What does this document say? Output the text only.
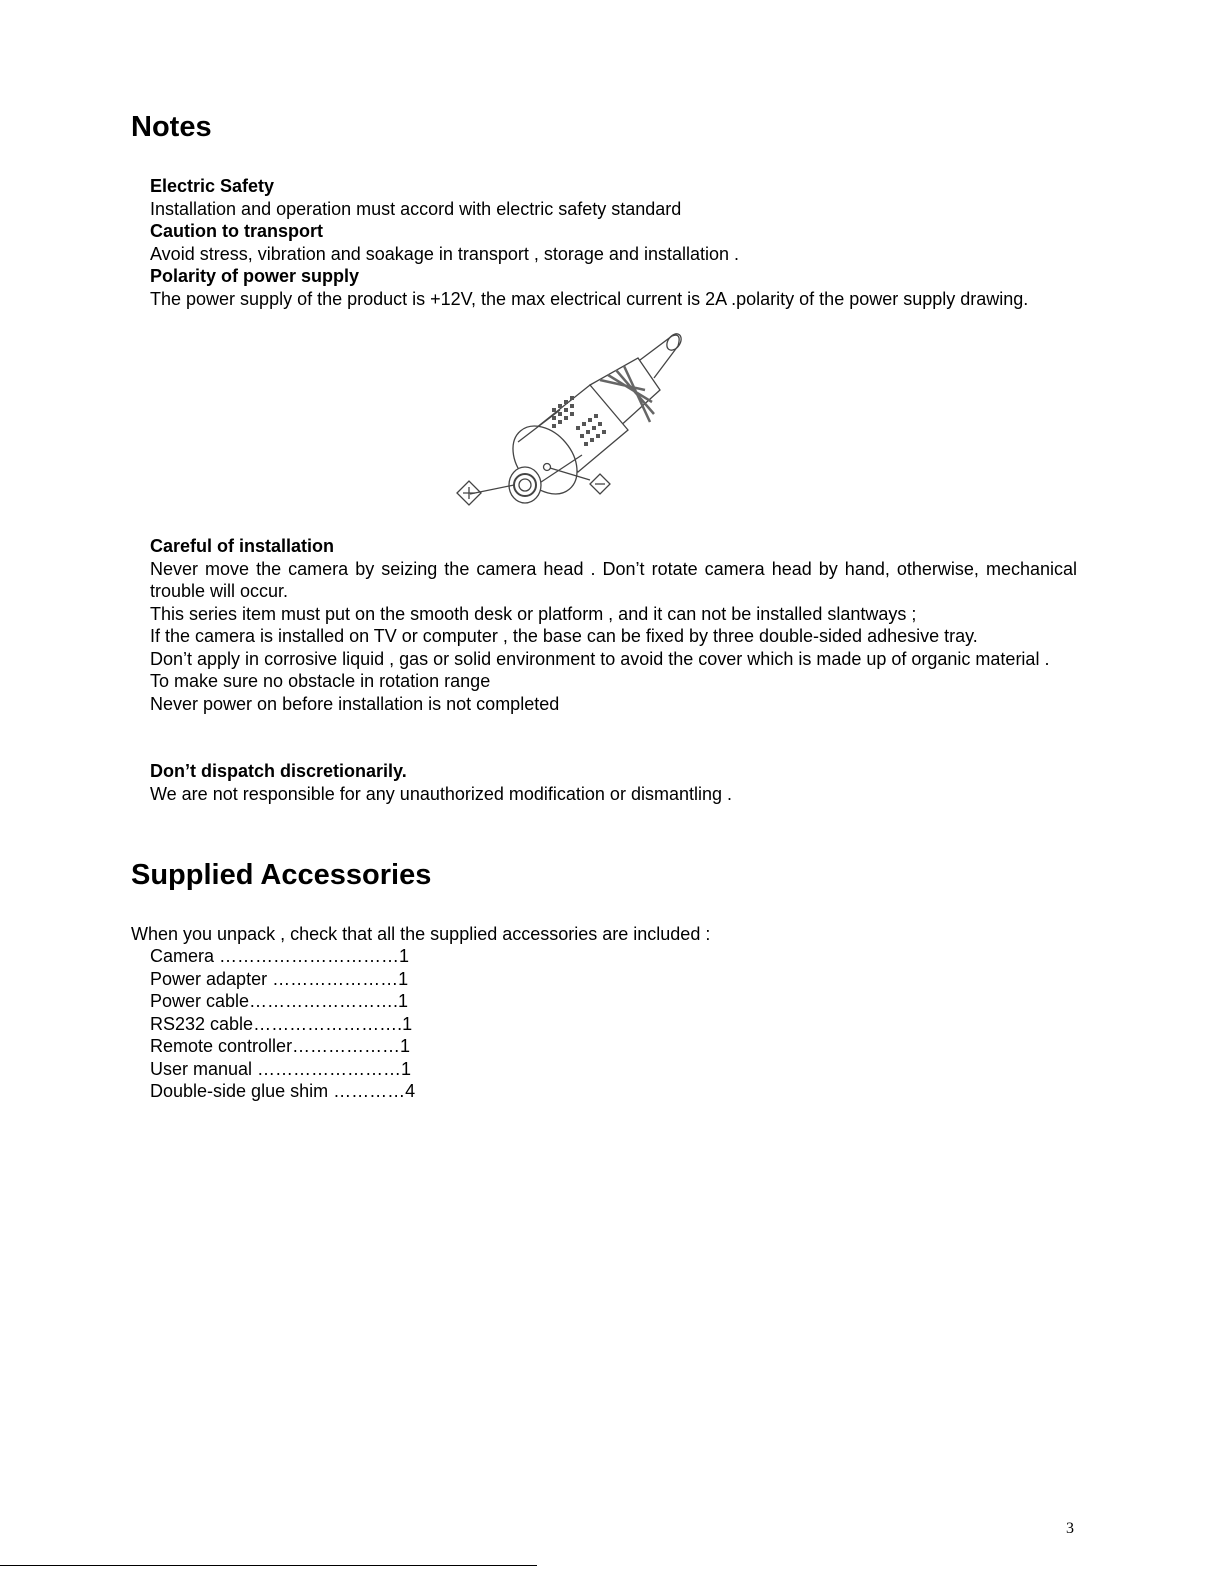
Notes

Electric Safety

Installation and operation must accord with electric safety standard

Caution to transport

Avoid stress, vibration and soakage in transport , storage and installation .

Polarity of power supply

The power supply of the product is +12V, the max electrical current is 2A .polarity of the power supply drawing.

Careful of installation

Never move the camera by seizing the camera head . Don’t rotate camera head by hand, otherwise, mechanical trouble will occur.

This series item must put on the smooth desk or platform , and it can not be installed slantways ;

If the camera is installed on TV or computer , the base can be fixed by three double-sided adhesive tray.

Don’t apply in corrosive liquid , gas or solid environment to avoid the cover which is made up of organic material .

To make sure no obstacle in rotation range

Never power on before installation is not completed

Don’t dispatch discretionarily.

We are not responsible for any unauthorized modification or dismantling .

Supplied Accessories

When you unpack , check that all the supplied accessories are included :

Camera …………………………1

Power adapter …………………1

Power cable…………………….1

RS232 cable…………………….1

Remote controller………………1

User manual ……………………1

Double-side glue shim …………4

3
